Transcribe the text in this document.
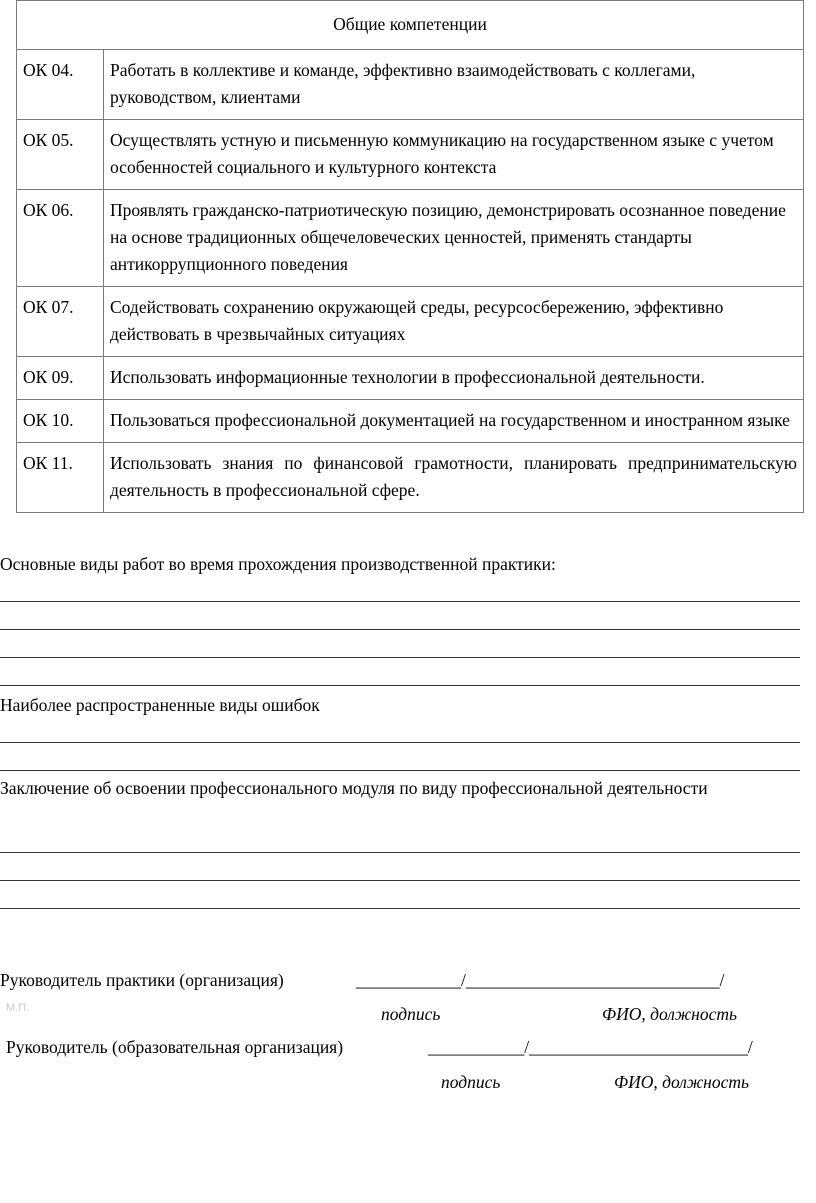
Общие компетенции	
ОК 04.	Работать в коллективе и команде, эффективно взаимодействовать с коллегами, руководством, клиентами
ОК 05.	Осуществлять устную и письменную коммуникацию на государственном языке с учетом особенностей социального и культурного контекста
ОК 06.	Проявлять гражданско-патриотическую позицию, демонстрировать осознанное поведение на основе традиционных общечеловеческих ценностей, применять стандарты антикоррупционного поведения
ОК 07.	Содействовать сохранению окружающей среды, ресурсосбережению, эффективно действовать в чрезвычайных ситуациях
ОК 09.	Использовать информационные технологии в профессиональной деятельности.
ОК 10.	Пользоваться профессиональной документацией на государственном и иностранном языке
ОК 11.	Использовать знания по финансовой грамотности, планировать предпринимательскую деятельность в профессиональной сфере.

Основные виды работ во время прохождения производственной практики:

Наиболее распространенные виды ошибок

Заключение об освоении профессионального модуля по виду профессиональной деятельности

Руководитель практики (организация)	____________/_____________________________/
М.П.	подпись	ФИО, должность
Руководитель (образовательная организация)	___________/_________________________/
подпись	ФИО, должность
